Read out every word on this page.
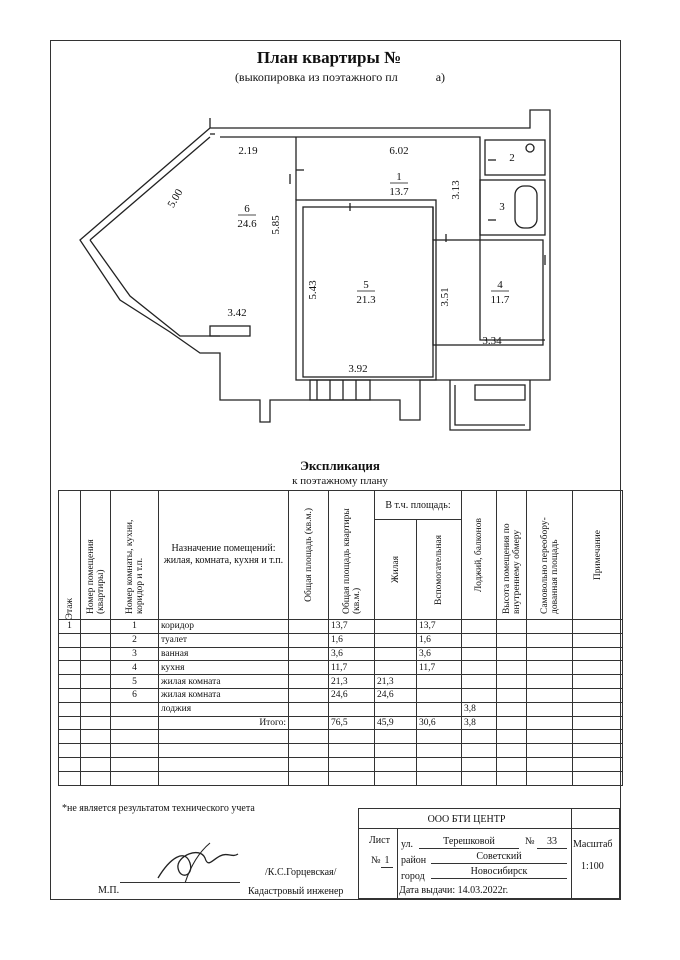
План квартиры №
(выкопировка из поэтажного пл	а)
6
24.6
5
21.3
1
13.7
4
11.7
2
3
2.19	6.02
5.00
5.85
3.13
3.42
5.43	3.51
3.34
3.92
Экспликация
к поэтажному плану
Этаж	Номер помещения (квартиры)	Номер комнаты, кухни, коридор и т.п.	Назначение помещений: жилая, комната, кухня и т.п.	Общая площадь (кв.м.)	Общая площадь квартиры (кв.м.)	В т.ч. площадь:		Лоджий, балконов	Высота помещения по внутреннему обмеру	Самовольно переобору-дованная площадь	Примечание

						Жилая	Вспомогательная				

1		1	коридор		13,7		13,7				
		2	туалет		1,6		1,6				
		3	ванная		3,6		3,6				
		4	кухня		11,7		11,7				
		5	жилая комната		21,3	21,3					
		6	жилая комната		24,6	24,6					
			лоджия					3,8			
			Итого:		76,5	45,9	30,6	3,8			

*не является результатом технического учета
/К.С.Горцевская/
М.П.	Кадастровый инженер
ООО БТИ ЦЕНТР
Лист
№ 1
ул.	Терешковой	№	33
район	Советский
город	Новосибирск
Дата выдачи: 14.03.2022г.
Масштаб
1:100
